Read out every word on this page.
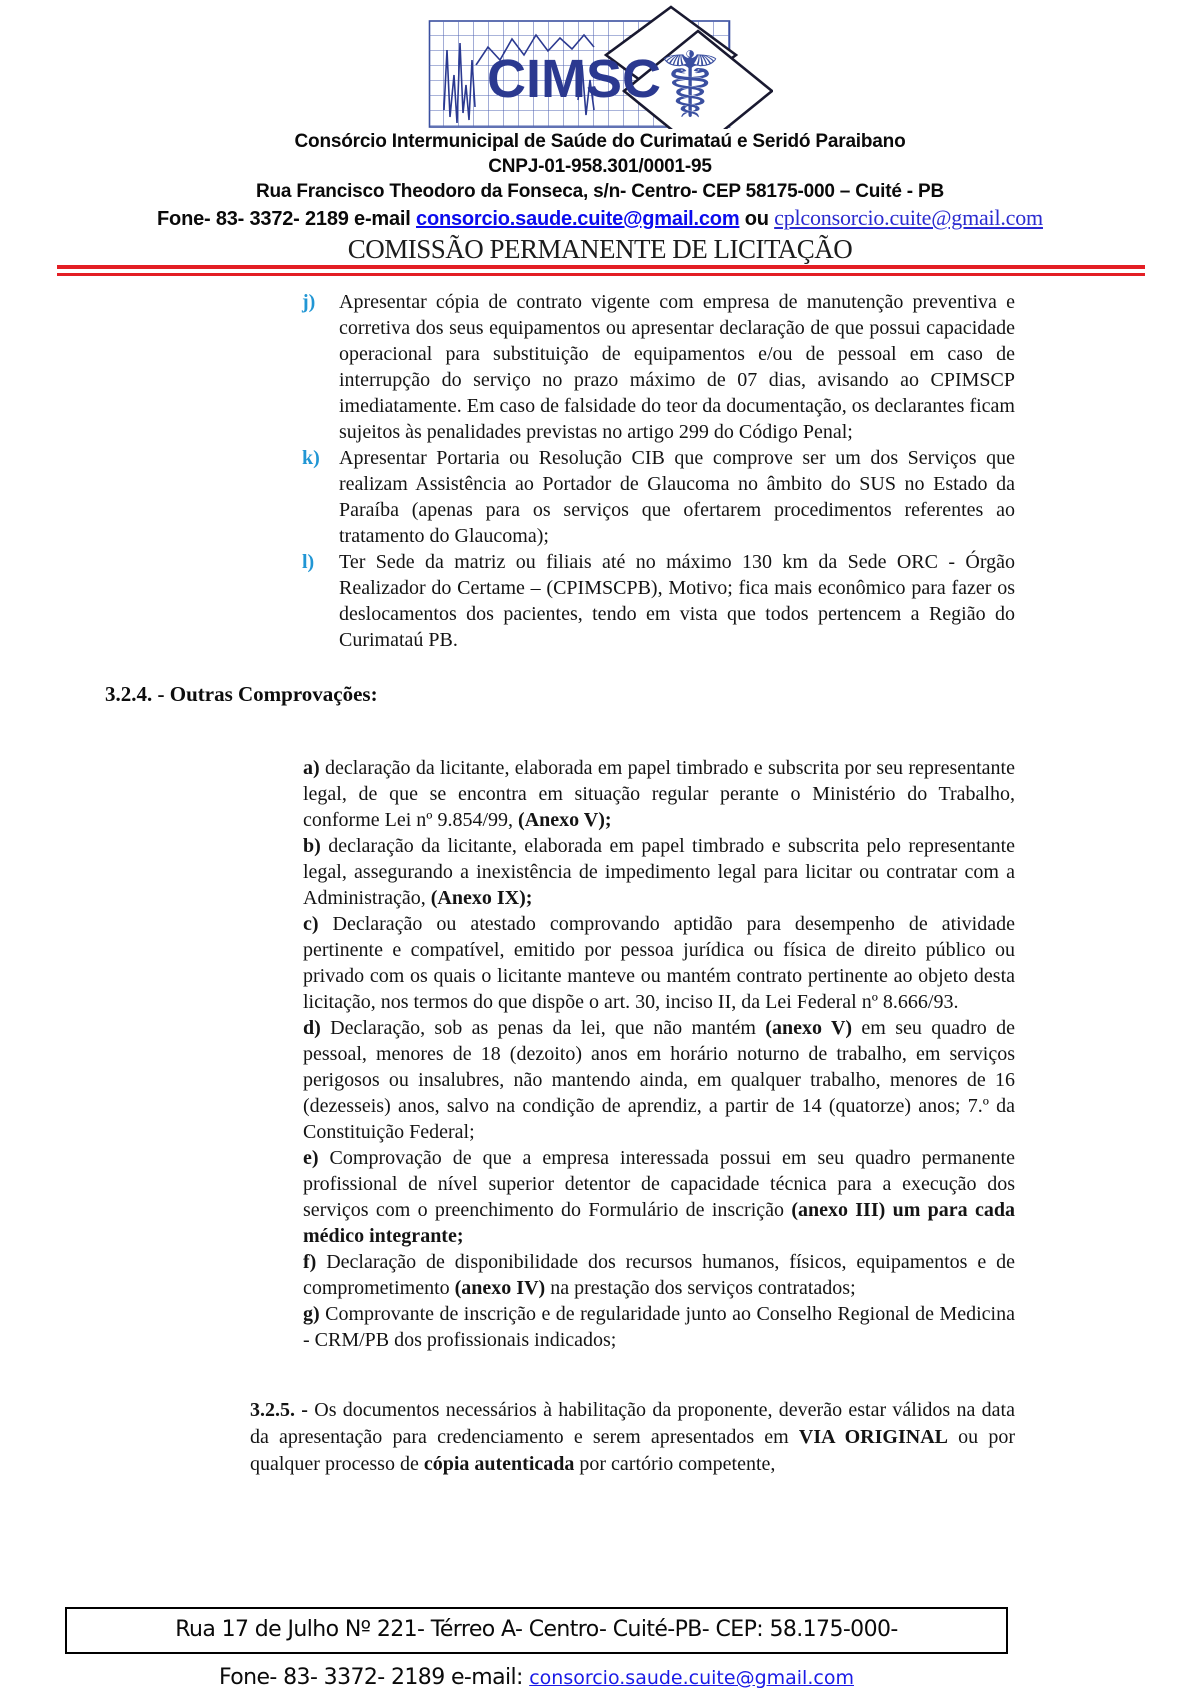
☤
CIMSC
Consórcio Intermunicipal de Saúde do Curimataú e Seridó Paraibano
CNPJ-01-958.301/0001-95
Rua Francisco Theodoro da Fonseca, s/n- Centro- CEP 58175-000 – Cuité - PB
Fone- 83- 3372- 2189 e-mail consorcio.saude.cuite@gmail.com ou cplconsorcio.cuite@gmail.com
COMISSÃO PERMANENTE DE LICITAÇÃO
j)	Apresentar cópia de contrato vigente com empresa de manutenção preventiva e corretiva dos seus equipamentos ou apresentar declaração de que possui capacidade operacional para substituição de equipamentos e/ou de pessoal em caso de interrupção do serviço no prazo máximo de 07 dias, avisando ao CPIMSCP imediatamente. Em caso de falsidade do teor da documentação, os declarantes ficam sujeitos às penalidades previstas no artigo 299 do Código Penal;
k) Apresentar Portaria ou Resolução CIB que comprove ser um dos Serviços que realizam Assistência ao Portador de Glaucoma no âmbito do SUS no Estado da Paraíba (apenas para os serviços que ofertarem procedimentos referentes ao tratamento do Glaucoma);
l)	Ter Sede da matriz ou filiais até no máximo 130 km da Sede ORC - Órgão Realizador do Certame – (CPIMSCPB), Motivo; fica mais econômico para fazer os deslocamentos dos pacientes, tendo em vista que todos pertencem a Região do Curimataú PB.
3.2.4. - Outras Comprovações:

a) declaração da licitante, elaborada em papel timbrado e subscrita por seu representante legal, de que se encontra em situação regular perante o Ministério do Trabalho, conforme Lei nº 9.854/99, (Anexo V);

b) declaração da licitante, elaborada em papel timbrado e subscrita pelo representante legal, assegurando a inexistência de impedimento legal para licitar ou contratar com a Administração, (Anexo IX);

c) Declaração ou atestado comprovando aptidão para desempenho de atividade pertinente e compatível, emitido por pessoa jurídica ou física de direito público ou privado com os quais o licitante manteve ou mantém contrato pertinente ao objeto desta licitação, nos termos do que dispõe o art. 30, inciso II, da Lei Federal nº 8.666/93.

d) Declaração, sob as penas da lei, que não mantém (anexo V) em seu quadro de pessoal, menores de 18 (dezoito) anos em horário noturno de trabalho, em serviços perigosos ou insalubres, não mantendo ainda, em qualquer trabalho, menores de 16 (dezesseis) anos, salvo na condição de aprendiz, a partir de 14 (quatorze) anos; 7.º da Constituição Federal;

e) Comprovação de que a empresa interessada possui em seu quadro permanente profissional de nível superior detentor de capacidade técnica para a execução dos serviços com o preenchimento do Formulário de inscrição (anexo III) um para cada médico integrante;

f) Declaração de disponibilidade dos recursos humanos, físicos, equipamentos e de comprometimento (anexo IV) na prestação dos serviços contratados;

g) Comprovante de inscrição e de regularidade junto ao Conselho Regional de Medicina - CRM/PB dos profissionais indicados;

3.2.5. - Os documentos necessários à habilitação da proponente, deverão estar válidos na data da apresentação para credenciamento e serem apresentados em VIA ORIGINAL ou por qualquer processo de cópia autenticada por cartório competente,

Rua 17 de Julho Nº 221- Térreo A- Centro- Cuité-PB- CEP: 58.175-000-
Fone- 83- 3372- 2189 e-mail: consorcio.saude.cuite@gmail.com
